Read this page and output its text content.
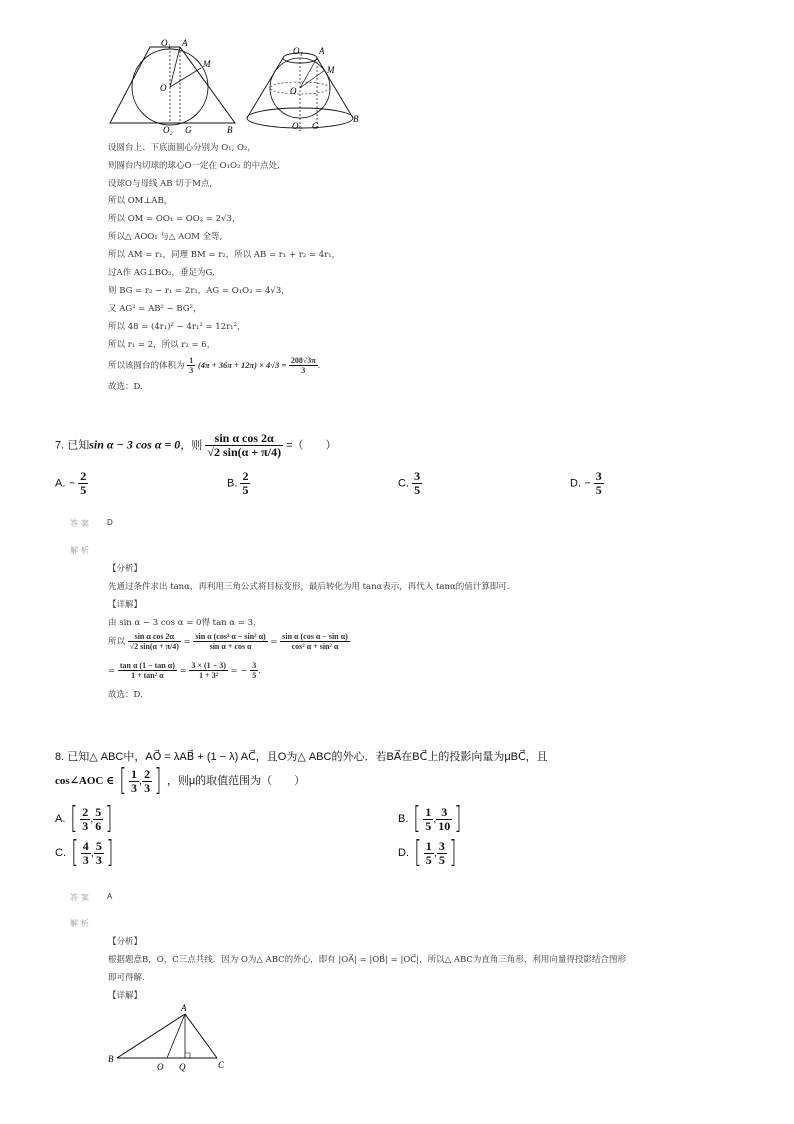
O₁ A
M
O
O₂ G	B
O₁ A
M
O
O₂ G
B
设圆台上、下底面圆心分别为 O₁, O₂，
则圆台内切球的球心O一定在 O₁O₂ 的中点处,
设球O与母线 AB 切于M点,
所以 OM⊥AB，
所以 OM = OO₁ = OO₂ = 2√3，
所以△ AOO₁ 与△ AOM 全等,
所以 AM = r₁，同理 BM = r₂，所以 AB = r₁ + r₂ = 4r₁，
过A作 AG⊥BO₂，垂足为G,
则 BG = r₂ − r₁ = 2r₁，AG = O₁O₂ = 4√3，
又 AG² = AB² − BG²，
所以 48 = (4r₁)² − 4r₁² = 12r₁²，
所以 r₁ = 2，所以 r₂ = 6，
所以该圆台的体积为 $\frac{1}{3} (4\pi + 36\pi + 12\pi) \times 4√3 = \frac{208√3\pi}{3}$ .
故选：D.
7. 已知sin α − 3 cos α = 0，则 $\frac{\text{sin α cos 2α}}{√2 \sin(\alpha + \pi/4)}$ =（　　）
A. − $\frac{2}{5}$	B. $\frac{2}{5}$	C. $\frac{3}{5}$	D. − $\frac{3}{5}$
答案 D
解析
【分析】
先通过条件求出 tanα，再利用三角公式将目标变形，最后转化为用 tanα表示，再代入 tanα的值计算即可.
【详解】
由 sin α − 3 cos α = 0得 tan α = 3，
所以 $\frac{\text{sin α cos 2α}}{√2 \sin(\alpha + \pi/4)} = \frac{\text{sin α (cos² α − sin² α)}}{\text{sin α + cos α}} = \frac{\text{sin α (cos α − sin α)}}{\text{cos² α + sin² α}}$
= $\frac{\text{tan α (1 − tan α)}}{\text{1 + tan² α}} = \frac{3 \times (1 - 3)}{\text{1 + 3²}}$ = − $\frac{3}{5}$ .
故选：D.
8. 已知△ ABC中，AO⃗ = λAB⃗ + (1 − λ) AC⃗，且O为△ ABC的外心．若BA⃗在BC⃗上的投影向量为μBC⃗，且
cos∠AOC ∈ [ $\frac{1}{3}$ , $\frac{2}{3}$ ] ，则μ的取值范围为（　　）
A. [ $\frac{2}{3}$ , $\frac{5}{6}$ ]	B. [ $\frac{1}{5}$ , $\frac{3}{10}$ ]
C. [ $\frac{4}{3}$ , $\frac{5}{3}$ ]	D. [ $\frac{1}{5}$ , $\frac{3}{5}$ ]
答案 A
解析
【分析】
根据题意B，O，C三点共线．因为 O为△ ABC的外心，即有 |OA⃗| = |OB⃗| = |OC⃗|，所以△ ABC为直角三角形，利用向量得投影结合图形
即可得解.
【详解】
A
B
O Q	C
